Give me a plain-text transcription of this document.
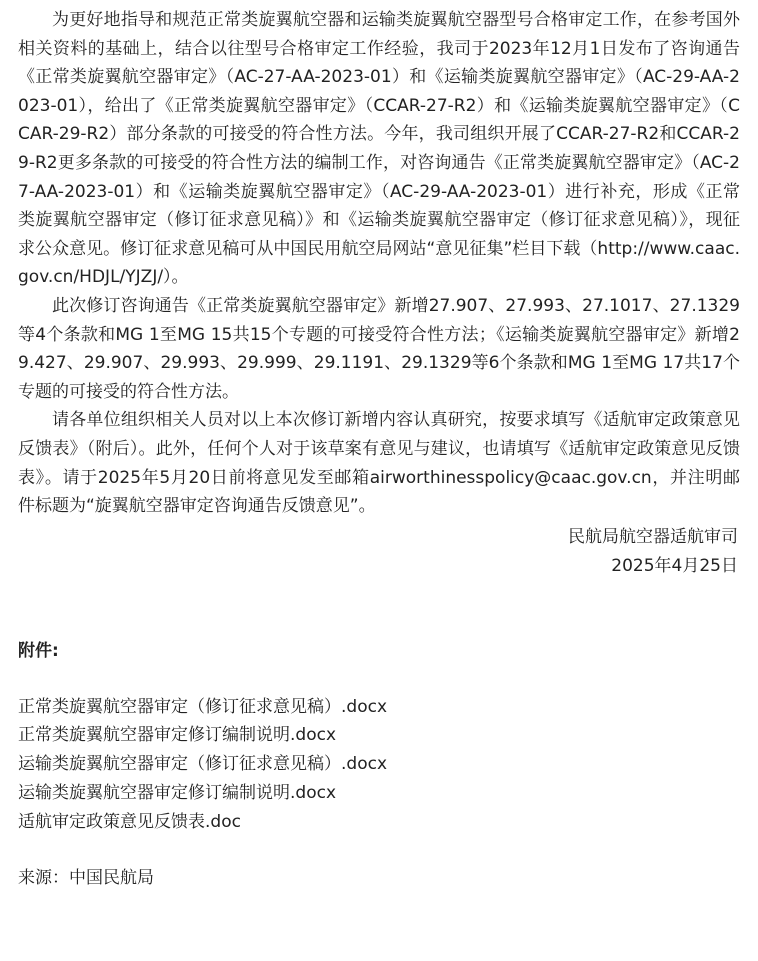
为更好地指导和规范正常类旋翼航空器和运输类旋翼航空器型号合格审定工作，在参考国外相关资料的基础上，结合以往型号合格审定工作经验，我司于2023年12月1日发布了咨询通告《正常类旋翼航空器审定》（AC-27-AA-2023-01）和《运输类旋翼航空器审定》（AC-29-AA-2023-01），给出了《正常类旋翼航空器审定》（CCAR-27-R2）和《运输类旋翼航空器审定》（CCAR-29-R2）部分条款的可接受的符合性方法。今年，我司组织开展了CCAR-27-R2和CCAR-29-R2更多条款的可接受的符合性方法的编制工作，对咨询通告《正常类旋翼航空器审定》（AC-27-AA-2023-01）和《运输类旋翼航空器审定》（AC-29-AA-2023-01）进行补充，形成《正常类旋翼航空器审定（修订征求意见稿）》和《运输类旋翼航空器审定（修订征求意见稿）》，现征求公众意见。修订征求意见稿可从中国民用航空局网站“意见征集”栏目下载（http://www.caac.gov.cn/HDJL/YJZJ/）。

此次修订咨询通告《正常类旋翼航空器审定》新增27.907、27.993、27.1017、27.1329等4个条款和MG 1至MG 15共15个专题的可接受符合性方法；《运输类旋翼航空器审定》新增29.427、29.907、29.993、29.999、29.1191、29.1329等6个条款和MG 1至MG 17共17个专题的可接受的符合性方法。

请各单位组织相关人员对以上本次修订新增内容认真研究，按要求填写《适航审定政策意见反馈表》（附后）。此外，任何个人对于该草案有意见与建议，也请填写《适航审定政策意见反馈表》。请于2025年5月20日前将意见发至邮箱airworthinesspolicy@caac.gov.cn，并注明邮件标题为“旋翼航空器审定咨询通告反馈意见”。

民航局航空器适航审司

2025年4月25日

附件:

正常类旋翼航空器审定（修订征求意见稿）.docx
正常类旋翼航空器审定修订编制说明.docx
运输类旋翼航空器审定（修订征求意见稿）.docx
运输类旋翼航空器审定修订编制说明.docx
适航审定政策意见反馈表.doc

来源：中国民航局
